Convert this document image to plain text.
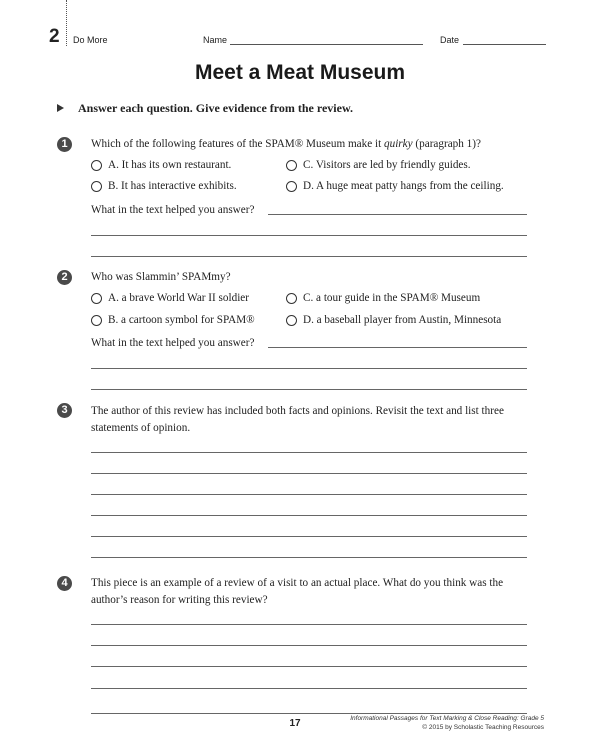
2 Do More	Name	Date
Meet a Meat Museum
Answer each question. Give evidence from the review.
1	Which of the following features of the SPAM® Museum make it quirky (paragraph 1)?
A. It has its own restaurant.	C. Visitors are led by friendly guides.
B. It has interactive exhibits.	D. A huge meat patty hangs from the ceiling.
What in the text helped you answer?
2	Who was Slammin’ SPAMmy?
A. a brave World War II soldier	C. a tour guide in the SPAM® Museum
B. a cartoon symbol for SPAM®	D. a baseball player from Austin, Minnesota
What in the text helped you answer?
3	The author of this review has included both facts and opinions. Revisit the text and list three statements of opinion.
4	This piece is an example of a review of a visit to an actual place. What do you think was the author’s reason for writing this review?
17	Informational Passages for Text Marking & Close Reading: Grade 5
© 2015 by Scholastic Teaching Resources
